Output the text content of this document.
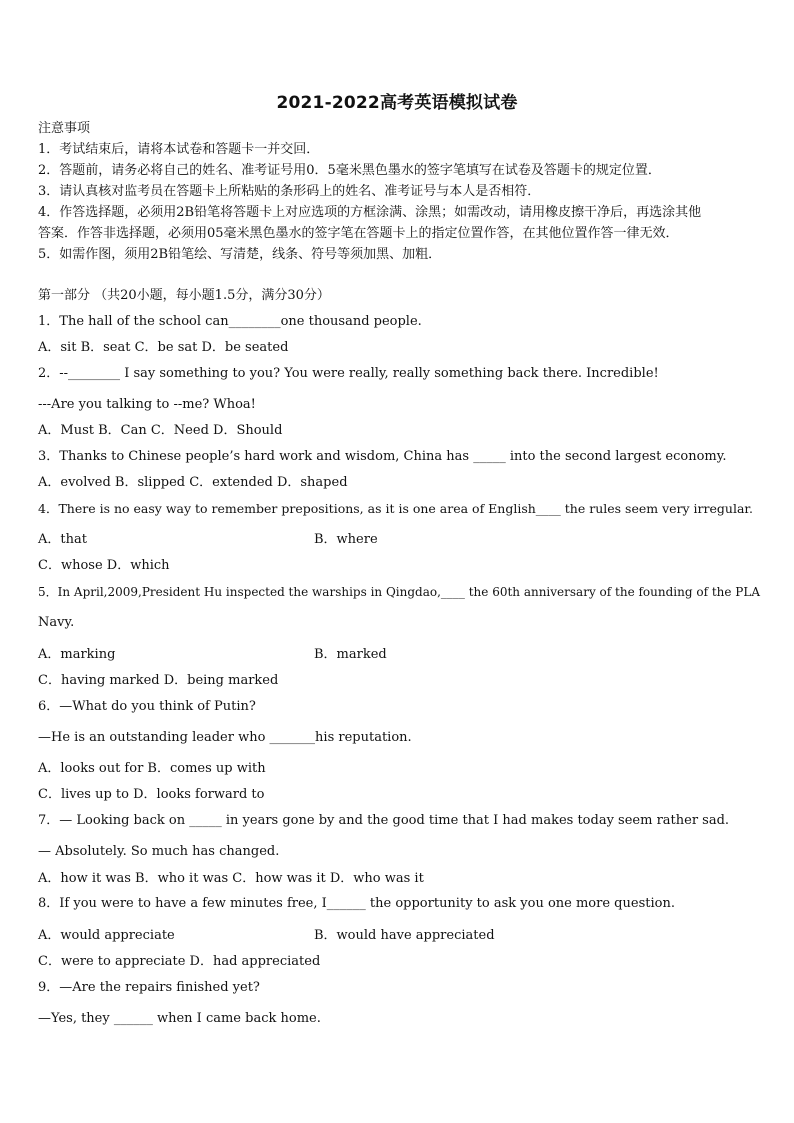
2021-2022高考英语模拟试卷
注意事项
1．考试结束后，请将本试卷和答题卡一并交回．
2．答题前，请务必将自己的姓名、准考证号用0．5毫米黑色墨水的签字笔填写在试卷及答题卡的规定位置．
3．请认真核对监考员在答题卡上所粘贴的条形码上的姓名、准考证号与本人是否相符．
4．作答选择题，必须用2B铅笔将答题卡上对应选项的方框涂满、涂黑；如需改动，请用橡皮擦干净后，再选涂其他
答案．作答非选择题，必须用05毫米黑色墨水的签字笔在答题卡上的指定位置作答，在其他位置作答一律无效．
5．如需作图，须用2B铅笔绘、写清楚，线条、符号等须加黑、加粗．
第一部分 （共20小题，每小题1.5分，满分30分）
1．The hall of the school can________one thousand people.
A．sit B．seat C．be sat D．be seated
2．--________ I say something to you? You were really, really something back there. Incredible!
---Are you talking to --me? Whoa!
A．Must B．Can C．Need D．Should
3．Thanks to Chinese people’s hard work and wisdom, China has _____ into the second largest economy.
A．evolved B．slipped C．extended D．shaped
4．There is no easy way to remember prepositions, as it is one area of English____ the rules seem very irregular.
A．that	B．where
C．whose D．which
5．In April,2009,President Hu inspected the warships in Qingdao,____ the 60th anniversary of the founding of the PLA
Navy.
A．marking	B．marked
C．having marked D．being marked
6．—What do you think of Putin?
—He is an outstanding leader who _______his reputation.
A．looks out for B．comes up with
C．lives up to D．looks forward to
7．— Looking back on _____ in years gone by and the good time that I had makes today seem rather sad.
— Absolutely. So much has changed.
A．how it was B．who it was C．how was it D．who was it
8．If you were to have a few minutes free, I______ the opportunity to ask you one more question.
A．would appreciate	B．would have appreciated
C．were to appreciate D．had appreciated
9．—Are the repairs finished yet?
—Yes, they ______ when I came back home.
